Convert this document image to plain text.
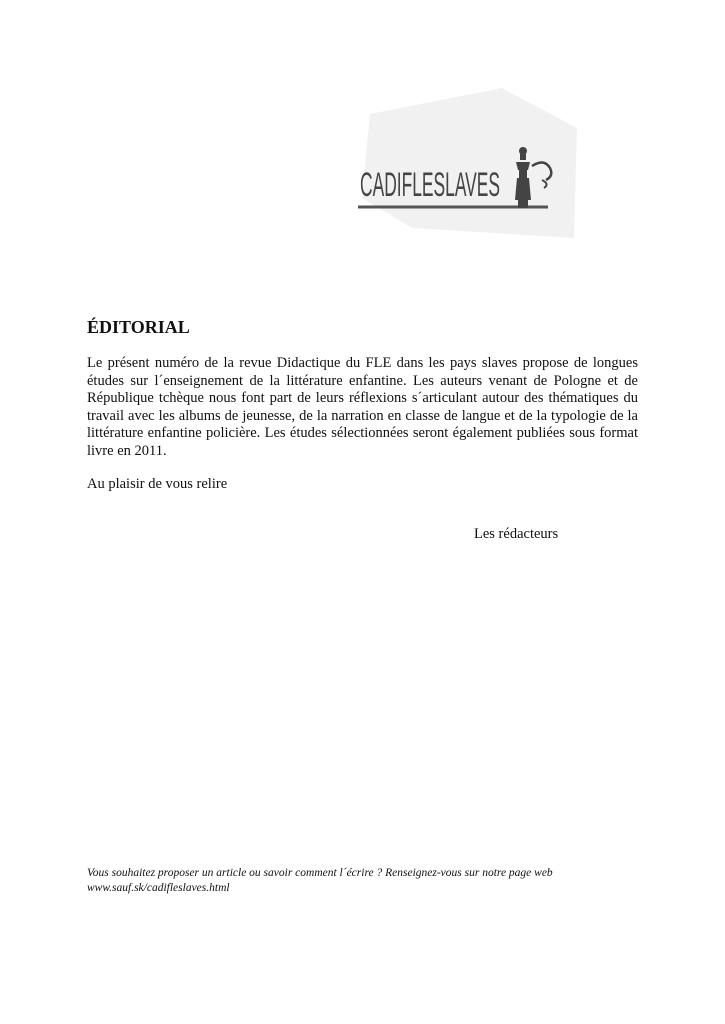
CADIFLESLAVES
ÉDITORIAL

Le présent numéro de la revue Didactique du FLE dans les pays slaves propose de longues études sur l´enseignement de la littérature enfantine. Les auteurs venant de Pologne et de République tchèque nous font part de leurs réflexions s´articulant autour des thématiques du travail avec les albums de jeunesse, de la narration en classe de langue et de la typologie de la littérature enfantine policière. Les études sélectionnées seront également publiées sous format livre en 2011.

Au plaisir de vous relire

Les rédacteurs

Vous souhaitez proposer un article ou savoir comment l´écrire ? Renseignez-vous sur notre page web
www.sauf.sk/cadifleslaves.html
